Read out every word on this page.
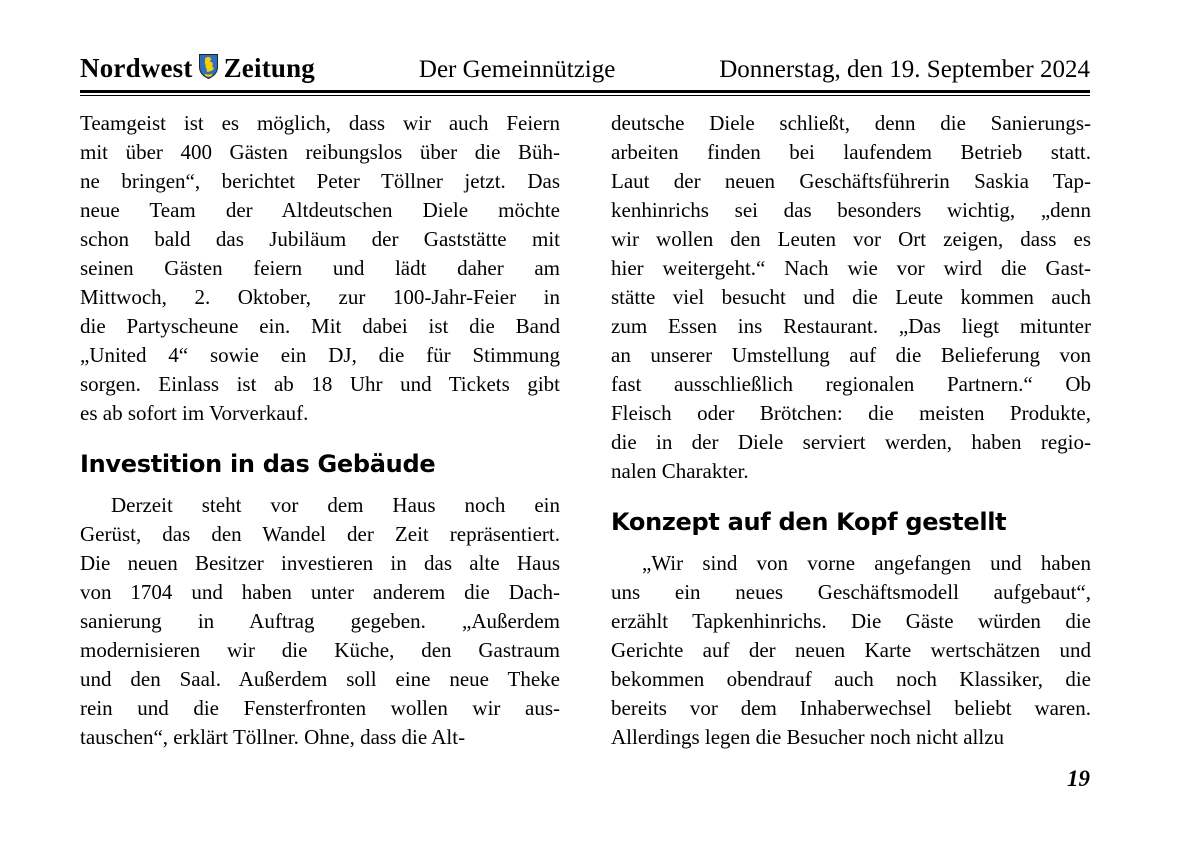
Nordwest Zeitung	Der Gemeinnützige	Donnerstag, den 19. September 2024
Teamgeist ist es möglich, dass wir auch Feiern
mit über 400 Gästen reibungslos über die Büh-
ne bringen“, berichtet Peter Töllner jetzt. Das
neue Team der Altdeutschen Diele möchte
schon bald das Jubiläum der Gaststätte mit
seinen Gästen feiern und lädt daher am
Mittwoch, 2. Oktober, zur 100-Jahr-Feier in
die Partyscheune ein. Mit dabei ist die Band
„United 4“ sowie ein DJ, die für Stimmung
sorgen. Einlass ist ab 18 Uhr und Tickets gibt
es ab sofort im Vorverkauf.
Investition in das Gebäude
Derzeit steht vor dem Haus noch ein
Gerüst, das den Wandel der Zeit repräsentiert.
Die neuen Besitzer investieren in das alte Haus
von 1704 und haben unter anderem die Dach-
sanierung in Auftrag gegeben. „Außerdem
modernisieren wir die Küche, den Gastraum
und den Saal. Außerdem soll eine neue Theke
rein und die Fensterfronten wollen wir aus-
tauschen“, erklärt Töllner. Ohne, dass die Alt-
deutsche Diele schließt, denn die Sanierungs-
arbeiten finden bei laufendem Betrieb statt.
Laut der neuen Geschäftsführerin Saskia Tap-
kenhinrichs sei das besonders wichtig, „denn
wir wollen den Leuten vor Ort zeigen, dass es
hier weitergeht.“ Nach wie vor wird die Gast-
stätte viel besucht und die Leute kommen auch
zum Essen ins Restaurant. „Das liegt mitunter
an unserer Umstellung auf die Belieferung von
fast ausschließlich regionalen Partnern.“ Ob
Fleisch oder Brötchen: die meisten Produkte,
die in der Diele serviert werden, haben regio-
nalen Charakter.
Konzept auf den Kopf gestellt
„Wir sind von vorne angefangen und haben
uns ein neues Geschäftsmodell aufgebaut“,
erzählt Tapkenhinrichs. Die Gäste würden die
Gerichte auf der neuen Karte wertschätzen und
bekommen obendrauf auch noch Klassiker, die
bereits vor dem Inhaberwechsel beliebt waren.
Allerdings legen die Besucher noch nicht allzu
19
